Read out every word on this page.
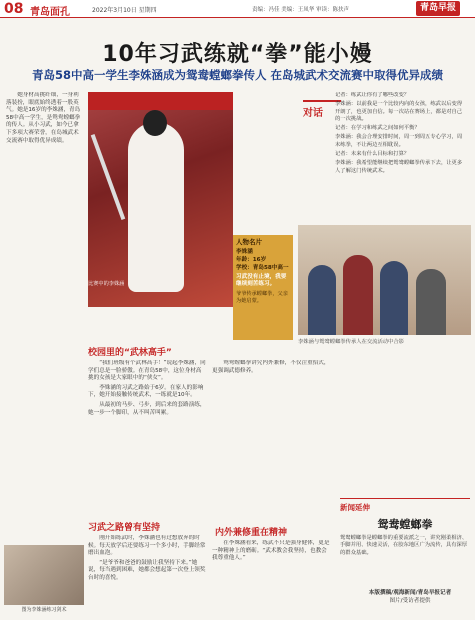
08 青岛面孔	2022年3月10日 星期四	责编：冯佳 美编：王凤华 审读：陈扶声	青岛早报
10年习武练就“拳”能小嫚
青岛58中高一学生李姝涵成为鸳鸯螳螂拳传人 在岛城武术交流赛中取得优异成绩

她身材高挑纤细，一身利落装扮，眼底始终透着一股英气。她是16岁的李姝涵，青岛58中高一学生，是鸳鸯螳螂拳的传人。从小习武，如今已拿下多项大赛荣誉，在岛城武术交流赛中取得优异成绩。

比赛中的李姝涵
人物名片
李姝涵
年龄：16岁
学校：青岛58中高一
习武没有止境，我要继续刻苦练习。
爷爷传承螳螂拳，父亲为她启蒙。
对话

记者：练武让你有了哪些改变？

李姝涵：以前我是一个比较内向的女孩，练武以后变得开朗了，也更加自信。每一次站在赛场上，都是对自己的一次挑战。

记者：在学习和练武之间如何平衡？

李姝涵：我会合理安排时间，周一到周五专心学习，周末练拳，不让两边互相耽误。

记者：未来有什么目标和打算？

李姝涵：我希望能继续把鸳鸯螳螂拳传承下去，让更多人了解这门传统武术。

李姝涵与鸳鸯螳螂拳传承人在交流活动中合影
校园里的“武林高手”

“我们班级有个武林高手！”说起李姝涵，同学们总是一脸骄傲。在青岛58中，这位身材高挑的女孩是大家眼中的“侠女”。

李姝涵的习武之路始于6岁。在家人的影响下，她开始接触传统武术，一练就是10年。

从最初的马步、弓步，到后来的套路演练，她一步一个脚印，从不叫苦叫累。

习武之路曾有坚持

刚开始练武时，李姝涵也有过想放弃的时候。每天放学后还要练习一个多小时，手脚经常磨出血泡。

“是爷爷和爸爸的鼓励让我坚持下来。”她说，每当遇到困难，她都会想起第一次登上领奖台时的喜悦。

内外兼修重在精神

鸳鸯螳螂拳讲究内外兼修，不仅注重招式，更强调武德修养。

在李姝涵看来，练武不只是强身健体，更是一种精神上的磨砺。“武术教会我坚持，也教会我尊重他人。”

图为李姝涵练习剑术
新闻延伸
鸳鸯螳螂拳
鸳鸯螳螂拳是螳螂拳的重要流派之一，讲究刚柔相济、手脚并用、快速灵活，在胶东地区广为流传，具有深厚的群众基础。
本版撰稿/观海新闻/青岛早报记者
图片/受访者提供
